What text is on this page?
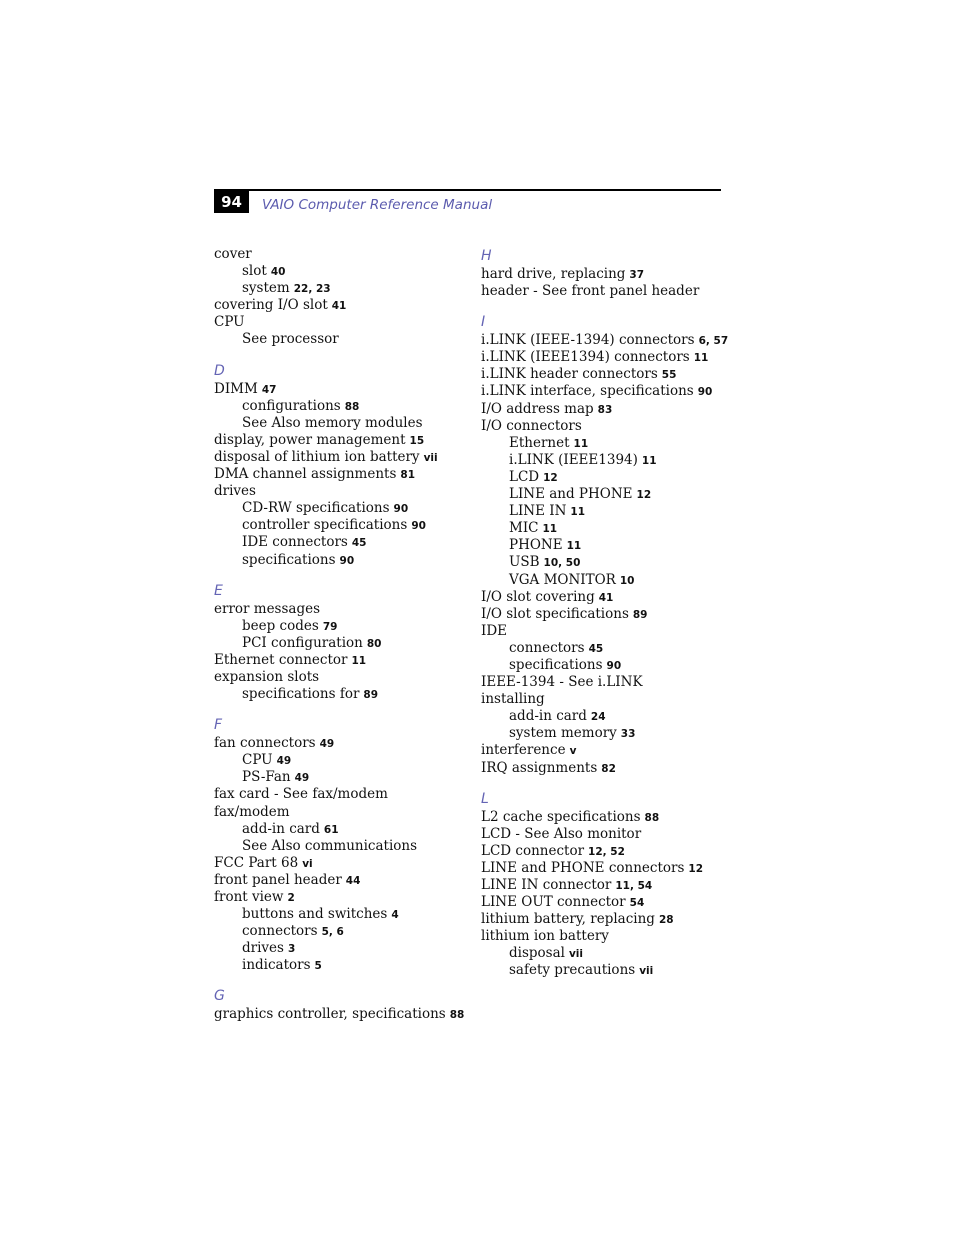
94	VAIO Computer Reference Manual
cover
slot 40
system 22, 23
covering I/O slot 41
CPU
See processor
D
DIMM 47
configurations 88
See Also memory modules
display, power management 15
disposal of lithium ion battery vii
DMA channel assignments 81
drives
CD-RW specifications 90
controller specifications 90
IDE connectors 45
specifications 90
E
error messages
beep codes 79
PCI configuration 80
Ethernet connector 11
expansion slots
specifications for 89
F
fan connectors 49
CPU 49
PS-Fan 49
fax card - See fax/modem
fax/modem
add-in card 61
See Also communications
FCC Part 68 vi
front panel header 44
front view 2
buttons and switches 4
connectors 5, 6
drives 3
indicators 5
G
graphics controller, specifications 88
H
hard drive, replacing 37
header - See front panel header
I
i.LINK (IEEE-1394) connectors 6, 57
i.LINK (IEEE1394) connectors 11
i.LINK header connectors 55
i.LINK interface, specifications 90
I/O address map 83
I/O connectors
Ethernet 11
i.LINK (IEEE1394) 11
LCD 12
LINE and PHONE 12
LINE IN 11
MIC 11
PHONE 11
USB 10, 50
VGA MONITOR 10
I/O slot covering 41
I/O slot specifications 89
IDE
connectors 45
specifications 90
IEEE-1394 - See i.LINK
installing
add-in card 24
system memory 33
interference v
IRQ assignments 82
L
L2 cache specifications 88
LCD - See Also monitor
LCD connector 12, 52
LINE and PHONE connectors 12
LINE IN connector 11, 54
LINE OUT connector 54
lithium battery, replacing 28
lithium ion battery
disposal vii
safety precautions vii
